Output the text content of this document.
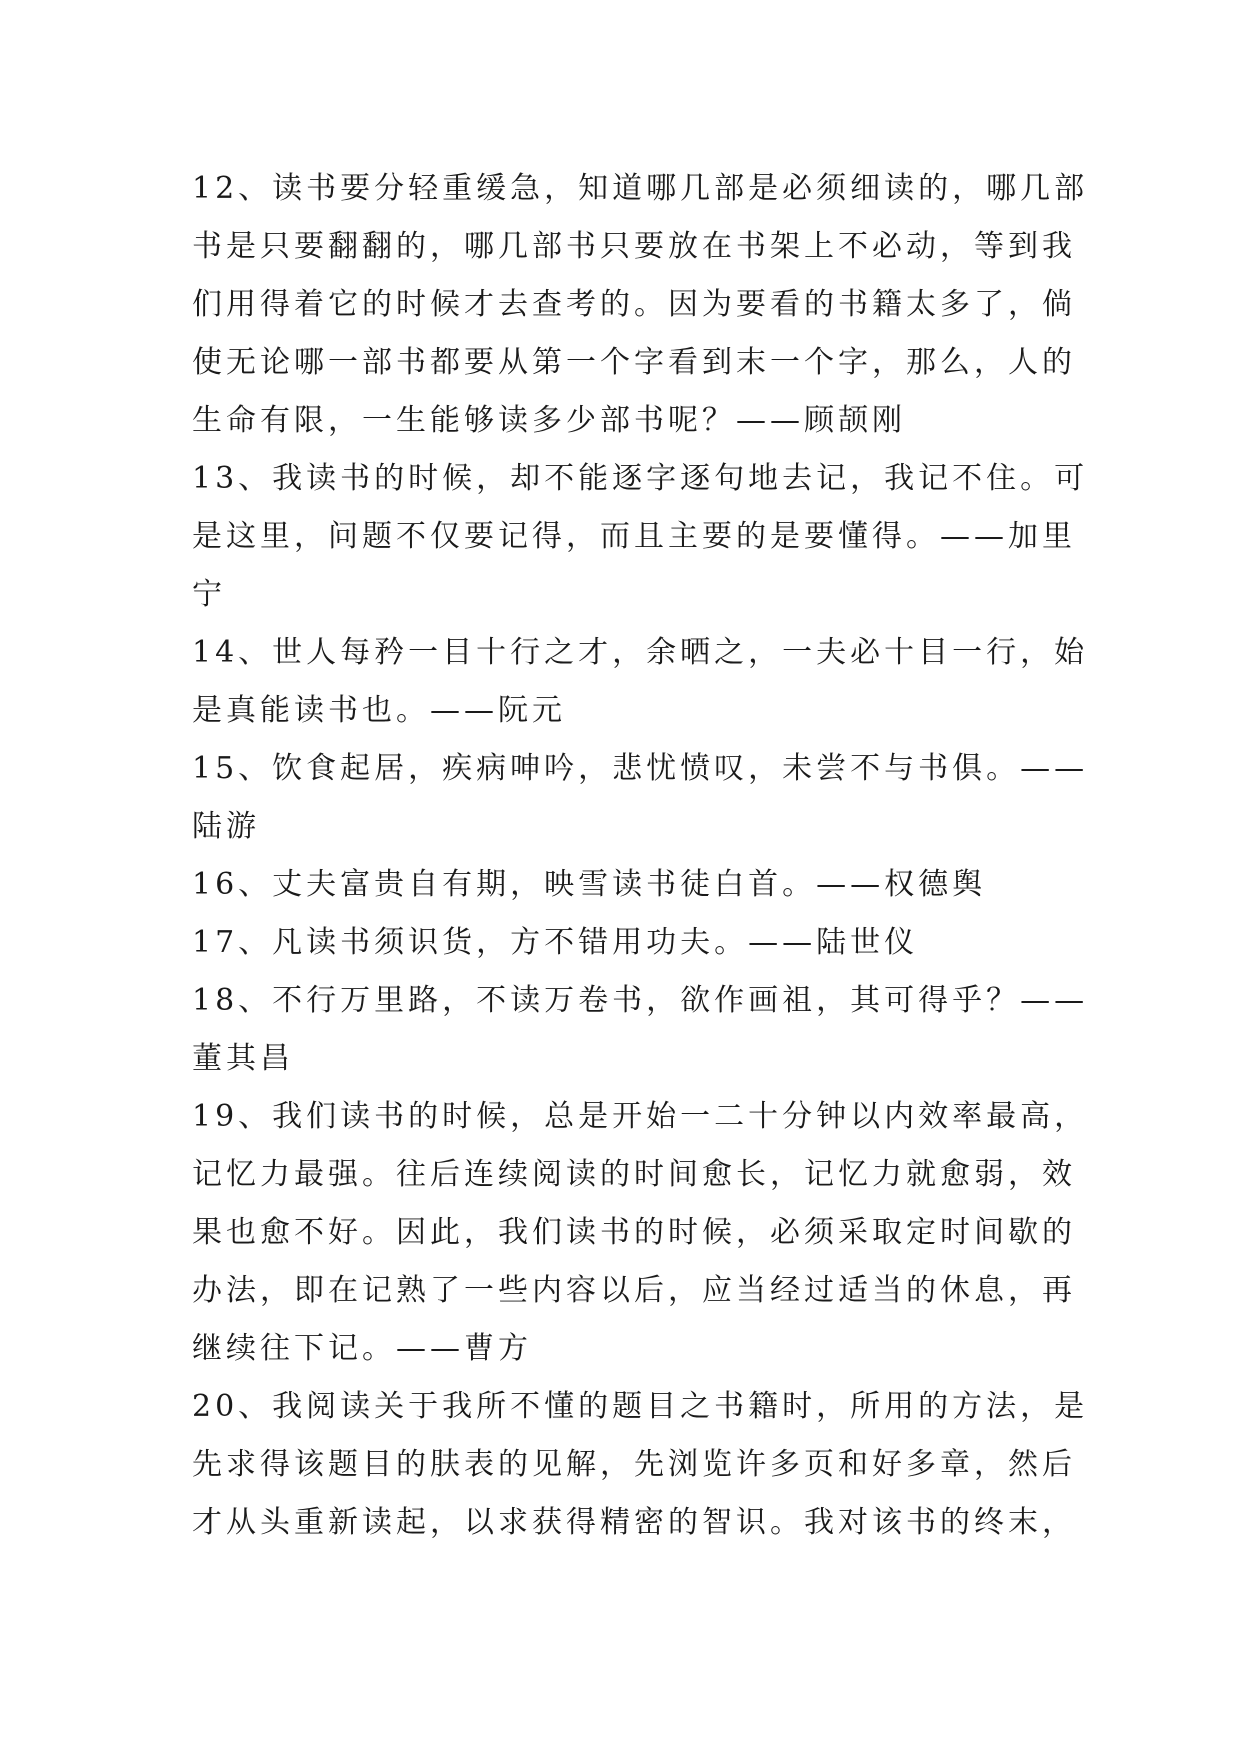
12、读书要分轻重缓急，知道哪几部是必须细读的，哪几部
书是只要翻翻的，哪几部书只要放在书架上不必动，等到我
们用得着它的时候才去查考的。因为要看的书籍太多了，倘
使无论哪一部书都要从第一个字看到末一个字，那么，人的
生命有限，一生能够读多少部书呢？——顾颉刚
13、我读书的时候，却不能逐字逐句地去记，我记不住。可
是这里，问题不仅要记得，而且主要的是要懂得。——加里
宁
14、世人每矜一目十行之才，余晒之，一夫必十目一行，始
是真能读书也。——阮元
15、饮食起居，疾病呻吟，悲忧愤叹，未尝不与书俱。——
陆游
16、丈夫富贵自有期，映雪读书徒白首。——权德舆
17、凡读书须识货，方不错用功夫。——陆世仪
18、不行万里路，不读万卷书，欲作画祖，其可得乎？——
董其昌
19、我们读书的时候，总是开始一二十分钟以内效率最高，
记忆力最强。往后连续阅读的时间愈长，记忆力就愈弱，效
果也愈不好。因此，我们读书的时候，必须采取定时间歇的
办法，即在记熟了一些内容以后，应当经过适当的休息，再
继续往下记。——曹方
20、我阅读关于我所不懂的题目之书籍时，所用的方法，是
先求得该题目的肤表的见解，先浏览许多页和好多章，然后
才从头重新读起，以求获得精密的智识。我对该书的终末，
